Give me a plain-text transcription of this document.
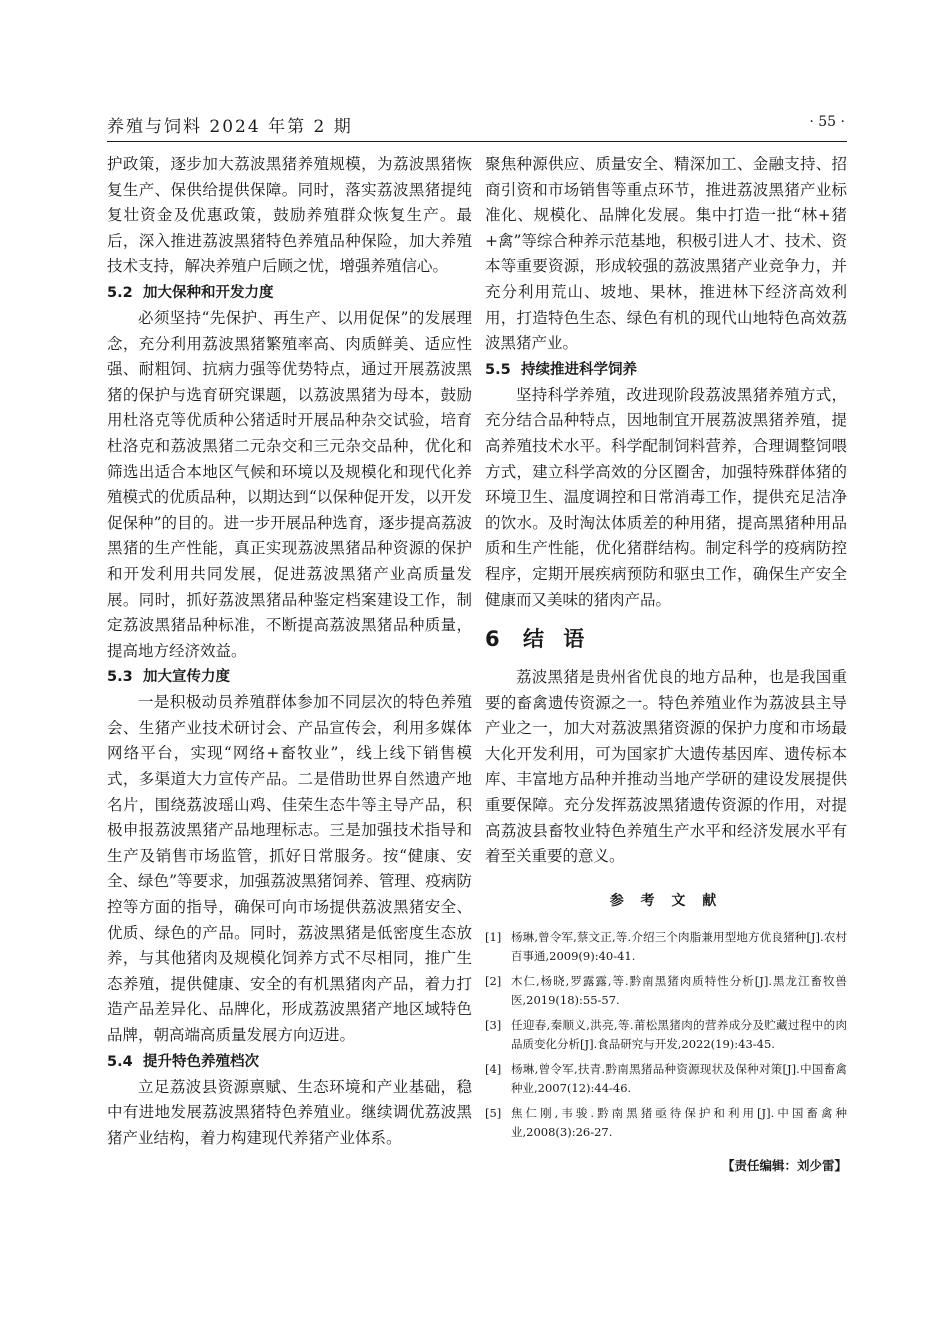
养殖与饲料 2024 年第 2 期	· 55 ·

护政策，逐步加大荔波黑猪养殖规模，为荔波黑猪恢复生产、保供给提供保障。同时，落实荔波黑猪提纯复壮资金及优惠政策，鼓励养殖群众恢复生产。最后，深入推进荔波黑猪特色养殖品种保险，加大养殖技术支持，解决养殖户后顾之忧，增强养殖信心。

5.2 加大保种和开发力度

必须坚持“先保护、再生产、以用促保”的发展理念，充分利用荔波黑猪繁殖率高、肉质鲜美、适应性强、耐粗饲、抗病力强等优势特点，通过开展荔波黑猪的保护与选育研究课题，以荔波黑猪为母本，鼓励用杜洛克等优质种公猪适时开展品种杂交试验，培育杜洛克和荔波黑猪二元杂交和三元杂交品种，优化和筛选出适合本地区气候和环境以及规模化和现代化养殖模式的优质品种，以期达到“以保种促开发，以开发促保种”的目的。进一步开展品种选育，逐步提高荔波黑猪的生产性能，真正实现荔波黑猪品种资源的保护和开发利用共同发展，促进荔波黑猪产业高质量发展。同时，抓好荔波黑猪品种鉴定档案建设工作，制定荔波黑猪品种标准，不断提高荔波黑猪品种质量，提高地方经济效益。

5.3 加大宣传力度

一是积极动员养殖群体参加不同层次的特色养殖会、生猪产业技术研讨会、产品宣传会，利用多媒体网络平台，实现“网络+畜牧业”，线上线下销售模式，多渠道大力宣传产品。二是借助世界自然遗产地名片，围绕荔波瑶山鸡、佳荣生态牛等主导产品，积极申报荔波黑猪产品地理标志。三是加强技术指导和生产及销售市场监管，抓好日常服务。按“健康、安全、绿色”等要求，加强荔波黑猪饲养、管理、疫病防控等方面的指导，确保可向市场提供荔波黑猪安全、优质、绿色的产品。同时，荔波黑猪是低密度生态放养，与其他猪肉及规模化饲养方式不尽相同，推广生态养殖，提供健康、安全的有机黑猪肉产品，着力打造产品差异化、品牌化，形成荔波黑猪产地区域特色品牌，朝高端高质量发展方向迈进。

5.4 提升特色养殖档次

立足荔波县资源禀赋、生态环境和产业基础，稳中有进地发展荔波黑猪特色养殖业。继续调优荔波黑猪产业结构，着力构建现代养猪产业体系。

聚焦种源供应、质量安全、精深加工、金融支持、招商引资和市场销售等重点环节，推进荔波黑猪产业标准化、规模化、品牌化发展。集中打造一批“林+猪+禽”等综合种养示范基地，积极引进人才、技术、资本等重要资源，形成较强的荔波黑猪产业竞争力，并充分利用荒山、坡地、果林，推进林下经济高效利用，打造特色生态、绿色有机的现代山地特色高效荔波黑猪产业。

5.5 持续推进科学饲养

坚持科学养殖，改进现阶段荔波黑猪养殖方式，充分结合品种特点，因地制宜开展荔波黑猪养殖，提高养殖技术水平。科学配制饲料营养，合理调整饲喂方式，建立科学高效的分区圈舍，加强特殊群体猪的环境卫生、温度调控和日常消毒工作，提供充足洁净的饮水。及时淘汰体质差的种用猪，提高黑猪种用品质和生产性能，优化猪群结构。制定科学的疫病防控程序，定期开展疾病预防和驱虫工作，确保生产安全健康而又美味的猪肉产品。

6 结 语

荔波黑猪是贵州省优良的地方品种，也是我国重要的畜禽遗传资源之一。特色养殖业作为荔波县主导产业之一，加大对荔波黑猪资源的保护力度和市场最大化开发利用，可为国家扩大遗传基因库、遗传标本库、丰富地方品种并推动当地产学研的建设发展提供重要保障。充分发挥荔波黑猪遗传资源的作用，对提高荔波县畜牧业特色养殖生产水平和经济发展水平有着至关重要的意义。

参 考 文 献
[1] 杨琳,曾令军,蔡文正,等.介绍三个肉脂兼用型地方优良猪种[J].农村百事通,2009(9):40-41.
[2] 木仁,杨晓,罗露露,等.黔南黑猪肉质特性分析[J].黑龙江畜牧兽医,2019(18):55-57.
[3] 任迎春,秦顺义,洪亮,等.莆松黑猪肉的营养成分及贮藏过程中的肉品质变化分析[J].食品研究与开发,2022(19):43-45.
[4] 杨琳,曾令军,扶青.黔南黑猪品种资源现状及保种对策[J].中国畜禽种业,2007(12):44-46.
[5] 焦仁刚,韦骏.黔南黑猪亟待保护和利用[J].中国畜禽种业,2008(3):26-27.
【责任编辑：刘少雷】
